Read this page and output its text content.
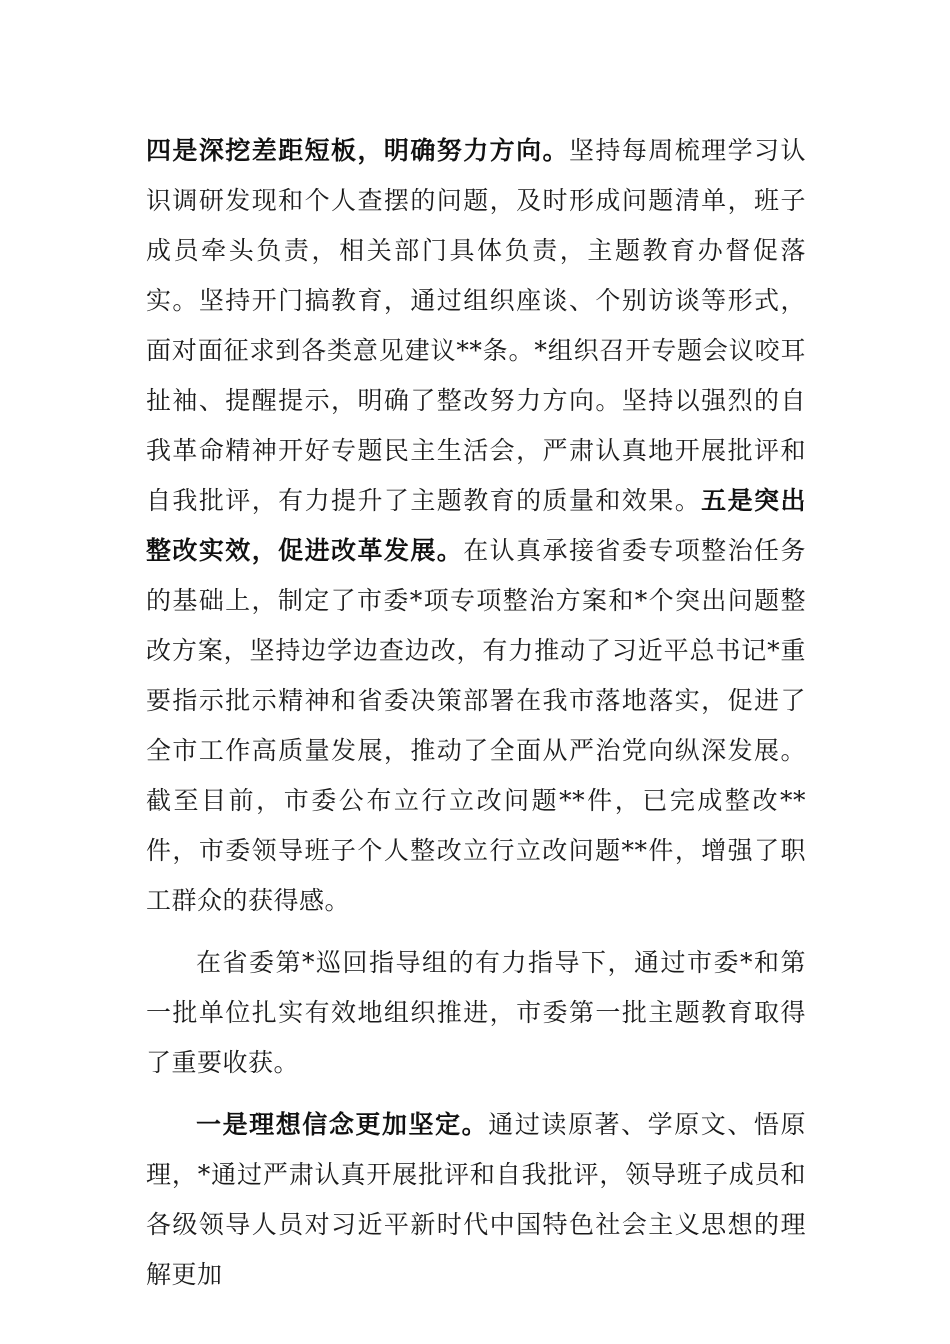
四是深挖差距短板，明确努力方向。坚持每周梳理学习认识调研发现和个人查摆的问题，及时形成问题清单，班子成员牵头负责，相关部门具体负责，主题教育办督促落实。坚持开门搞教育，通过组织座谈、个别访谈等形式，面对面征求到各类意见建议**条。*组织召开专题会议咬耳扯袖、提醒提示，明确了整改努力方向。坚持以强烈的自我革命精神开好专题民主生活会，严肃认真地开展批评和自我批评，有力提升了主题教育的质量和效果。五是突出整改实效，促进改革发展。在认真承接省委专项整治任务的基础上，制定了市委*项专项整治方案和*个突出问题整改方案，坚持边学边查边改，有力推动了习近平总书记*重要指示批示精神和省委决策部署在我市落地落实，促进了全市工作高质量发展，推动了全面从严治党向纵深发展。截至目前，市委公布立行立改问题**件，已完成整改**件，市委领导班子个人整改立行立改问题**件，增强了职工群众的获得感。

在省委第*巡回指导组的有力指导下，通过市委*和第一批单位扎实有效地组织推进，市委第一批主题教育取得了重要收获。

一是理想信念更加坚定。通过读原著、学原文、悟原理，*通过严肃认真开展批评和自我批评，领导班子成员和各级领导人员对习近平新时代中国特色社会主义思想的理解更加
